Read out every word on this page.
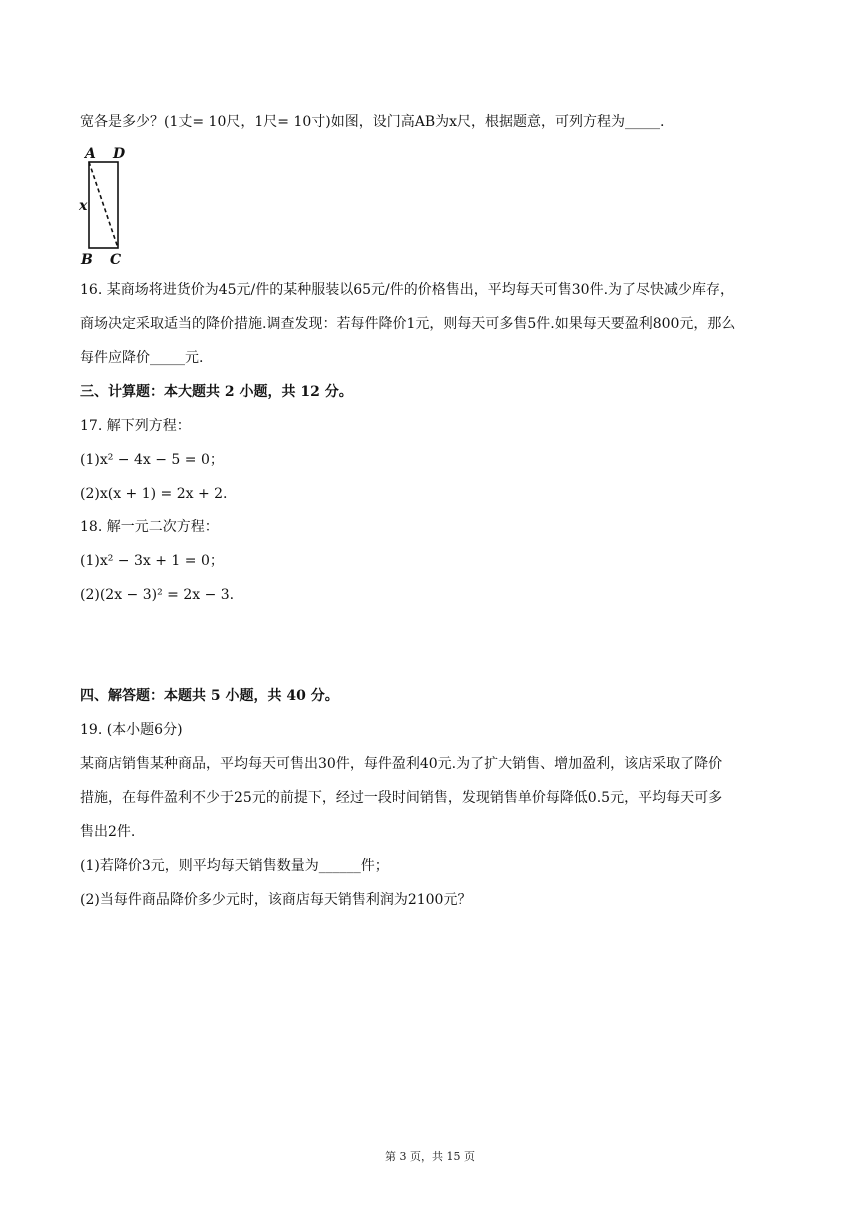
宽各是多少？(1丈= 10尺，1尺= 10寸)如图，设门高AB为x尺，根据题意，可列方程为_____.
A D
x
B C
16. 某商场将进货价为45元/件的某种服装以65元/件的价格售出，平均每天可售30件.为了尽快减少库存，
商场决定采取适当的降价措施.调查发现：若每件降价1元，则每天可多售5件.如果每天要盈利800元，那么
每件应降价_____元.
三、计算题：本大题共 2 小题，共 12 分。
17. 解下列方程：
(1)x² − 4x − 5 = 0；
(2)x(x + 1) = 2x + 2.
18. 解一元二次方程：
(1)x² − 3x + 1 = 0；
(2)(2x − 3)² = 2x − 3.
四、解答题：本题共 5 小题，共 40 分。
19. (本小题6分)
某商店销售某种商品，平均每天可售出30件，每件盈利40元.为了扩大销售、增加盈利，该店采取了降价
措施，在每件盈利不少于25元的前提下，经过一段时间销售，发现销售单价每降低0.5元，平均每天可多
售出2件.
(1)若降价3元，则平均每天销售数量为______件；
(2)当每件商品降价多少元时，该商店每天销售利润为2100元？
第 3 页，共 15 页
